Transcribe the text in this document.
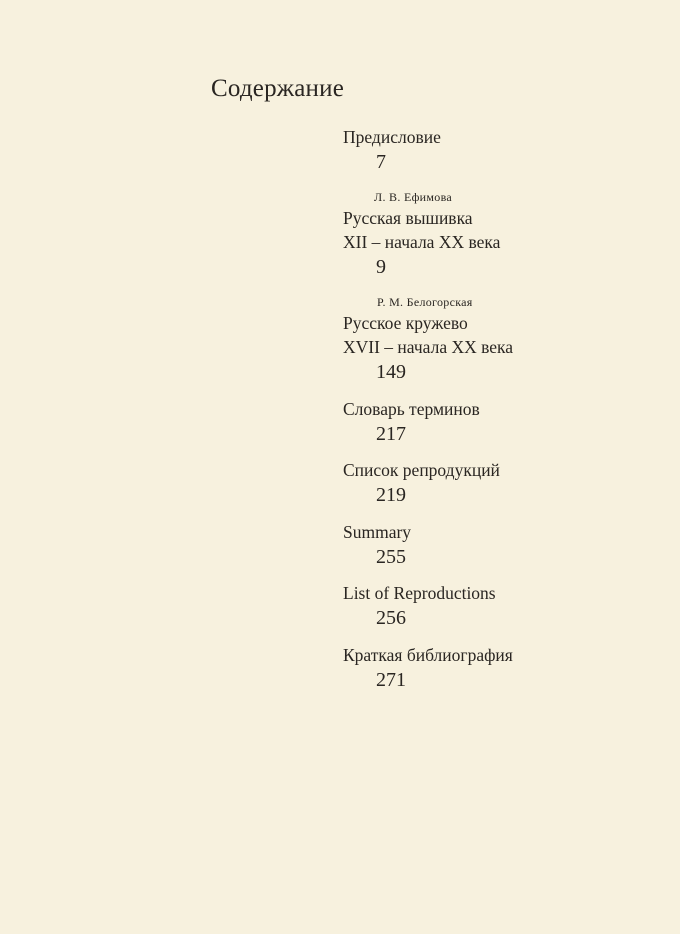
Содержание
Предисловие
7
Л. В. Ефимова
Русская вышивка
XII – начала XX века
9
Р. М. Белогорская
Русское кружево
XVII – начала XX века
149
Словарь терминов
217
Список репродукций
219
Summary
255
List of Reproductions
256
Краткая библиография
271
